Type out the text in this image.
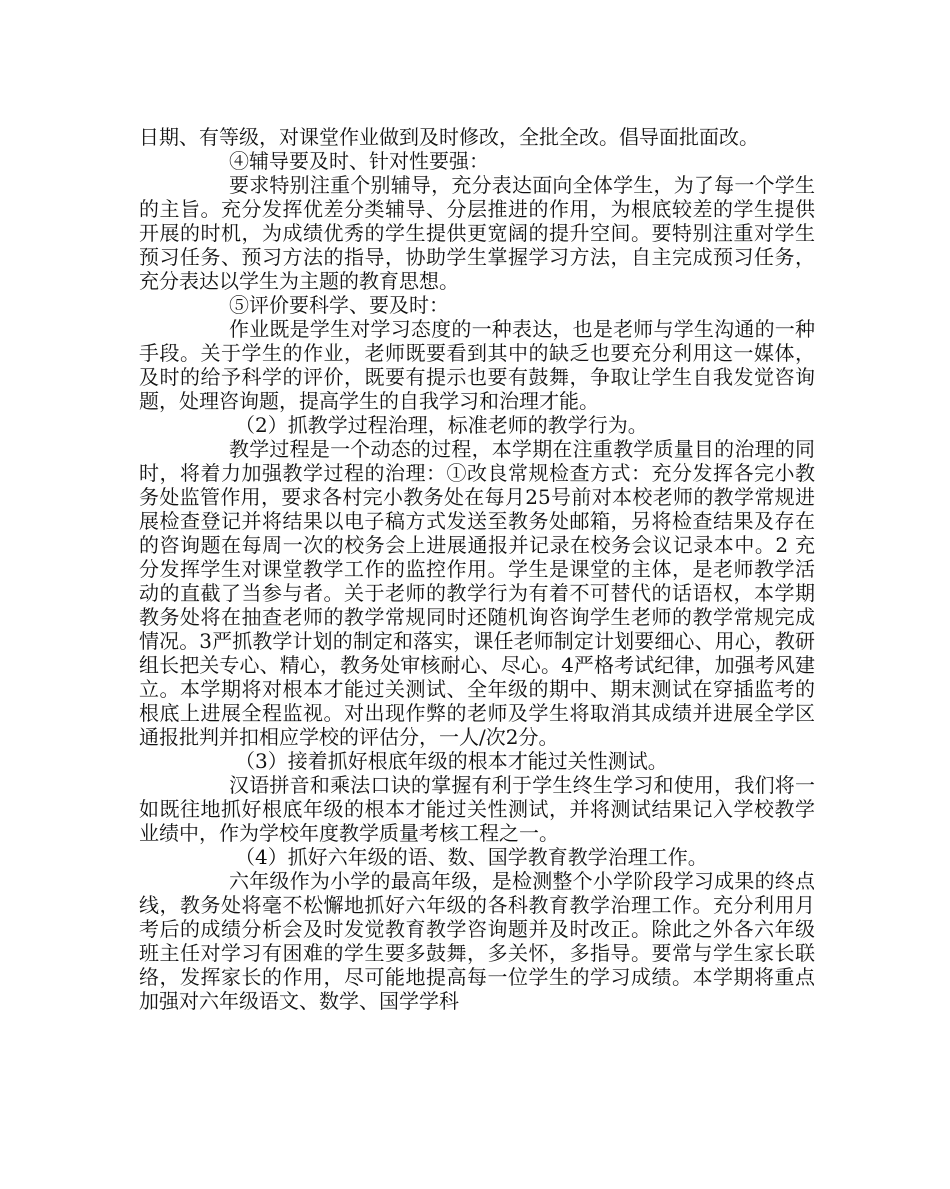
日期、有等级，对课堂作业做到及时修改，全批全改。倡导面批面改。

④辅导要及时、针对性要强：

要求特别注重个别辅导，充分表达面向全体学生，为了每一个学生的主旨。充分发挥优差分类辅导、分层推进的作用，为根底较差的学生提供开展的时机，为成绩优秀的学生提供更宽阔的提升空间。要特别注重对学生预习任务、预习方法的指导，协助学生掌握学习方法，自主完成预习任务，充分表达以学生为主题的教育思想。

⑤评价要科学、要及时：

作业既是学生对学习态度的一种表达，也是老师与学生沟通的一种手段。关于学生的作业，老师既要看到其中的缺乏也要充分利用这一媒体，及时的给予科学的评价，既要有提示也要有鼓舞，争取让学生自我发觉咨询题，处理咨询题，提高学生的自我学习和治理才能。

（2）抓教学过程治理，标准老师的教学行为。

教学过程是一个动态的过程，本学期在注重教学质量目的治理的同时，将着力加强教学过程的治理：①改良常规检查方式：充分发挥各完小教务处监管作用，要求各村完小教务处在每月25号前对本校老师的教学常规进展检查登记并将结果以电子稿方式发送至教务处邮箱，另将检查结果及存在的咨询题在每周一次的校务会上进展通报并记录在校务会议记录本中。2 充分发挥学生对课堂教学工作的监控作用。学生是课堂的主体，是老师教学活动的直截了当参与者。关于老师的教学行为有着不可替代的话语权，本学期教务处将在抽查老师的教学常规同时还随机询咨询学生老师的教学常规完成情况。3严抓教学计划的制定和落实，课任老师制定计划要细心、用心，教研组长把关专心、精心，教务处审核耐心、尽心。4严格考试纪律，加强考风建立。本学期将对根本才能过关测试、全年级的期中、期末测试在穿插监考的根底上进展全程监视。对出现作弊的老师及学生将取消其成绩并进展全学区通报批判并扣相应学校的评估分，一人/次2分。

（3）接着抓好根底年级的根本才能过关性测试。

汉语拼音和乘法口诀的掌握有利于学生终生学习和使用，我们将一如既往地抓好根底年级的根本才能过关性测试，并将测试结果记入学校教学业绩中，作为学校年度教学质量考核工程之一。

（4）抓好六年级的语、数、国学教育教学治理工作。

六年级作为小学的最高年级，是检测整个小学阶段学习成果的终点线，教务处将毫不松懈地抓好六年级的各科教育教学治理工作。充分利用月考后的成绩分析会及时发觉教育教学咨询题并及时改正。除此之外各六年级班主任对学习有困难的学生要多鼓舞，多关怀，多指导。要常与学生家长联络，发挥家长的作用，尽可能地提高每一位学生的学习成绩。本学期将重点加强对六年级语文、数学、国学学科
